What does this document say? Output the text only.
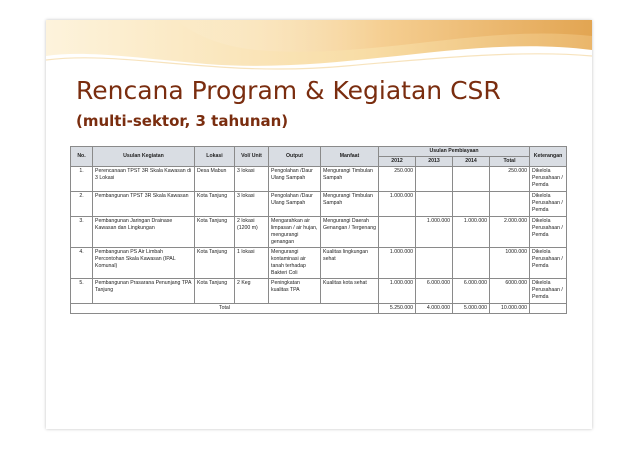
Rencana Program & Kegiatan CSR
(multi-sektor, 3 tahunan)
No.	Usulan Kegiatan	Lokasi	Vol/ Unit	Output	Manfaat	Usulan Pembiayaan				Keterangan
						2012	2013	2014	Total	
1.	Perencanaan TPST 3R Skala Kawasan di 3 Lokasi	Desa Mabun	3 lokasi	Pengolahan /Daur Ulang Sampah	Mengurangi Timbulan Sampah	250.000			250.000	Dikelola Perusahaan / Pemda
2.	Pembangunan TPST 3R Skala Kawasan	Kota Tanjung	3 lokasi	Pengolahan /Daur Ulang Sampah	Mengurangi Timbulan Sampah	1.000.000				Dikelola Perusahaan / Pemda
3.	Pembangunan Jaringan Drainase Kawasan dan Lingkungan	Kota Tanjung	2 lokasi (1200 m)	Mengarahkan air limpasan / air hujan, mengurangi genangan	Mengurangi Daerah Genangan / Tergenang		1.000.000	1.000.000	2.000.000	Dikelola Perusahaan / Pemda
4.	Pembangunan PS Air Limbah Percontohan Skala Kawasan (IPAL Komunal)	Kota Tanjung	1 lokasi	Mengurangi kontaminasi air tanah terhadap Bakteri Coli	Kualitas lingkungan sehat	1.000.000			1000.000	Dikelola Perusahaan / Pemda
5.	Pembangunan Prasarana Penunjang TPA Tanjung	Kota Tanjung	2 Keg	Peningkatan kualitas TPA	Kualitas kota sehat	1.000.000	6.000.000	6.000.000	6000.000	Dikelola Perusahaan / Pemda
Total						5.250.000	4.000.000	5.000.000	10.000.000	
